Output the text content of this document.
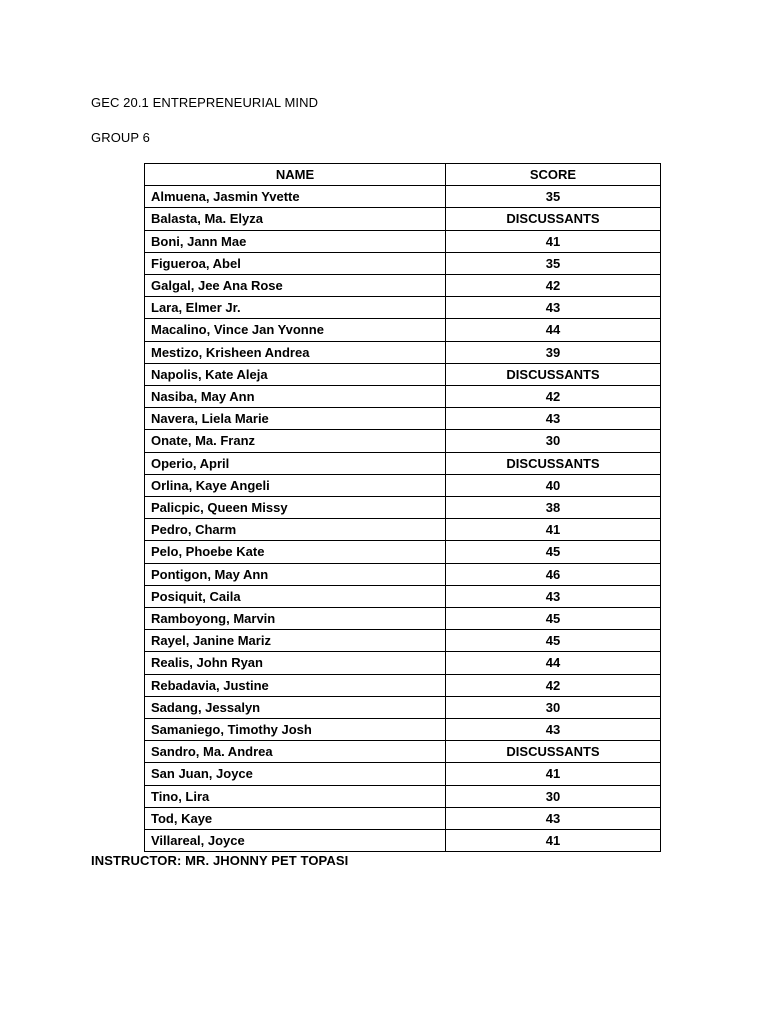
GEC 20.1 ENTREPRENEURIAL MIND
GROUP 6
NAME	SCORE
Almuena, Jasmin Yvette	35
Balasta, Ma. Elyza	DISCUSSANTS
Boni, Jann Mae	41
Figueroa, Abel	35
Galgal, Jee Ana Rose	42
Lara, Elmer Jr.	43
Macalino, Vince Jan Yvonne	44
Mestizo, Krisheen Andrea	39
Napolis, Kate Aleja	DISCUSSANTS
Nasiba, May Ann	42
Navera, Liela Marie	43
Onate, Ma. Franz	30
Operio, April	DISCUSSANTS
Orlina, Kaye Angeli	40
Palicpic, Queen Missy	38
Pedro, Charm	41
Pelo, Phoebe Kate	45
Pontigon, May Ann	46
Posiquit, Caila	43
Ramboyong, Marvin	45
Rayel, Janine Mariz	45
Realis, John Ryan	44
Rebadavia, Justine	42
Sadang, Jessalyn	30
Samaniego, Timothy Josh	43
Sandro, Ma. Andrea	DISCUSSANTS
San Juan, Joyce	41
Tino, Lira	30
Tod, Kaye	43
Villareal, Joyce	41
INSTRUCTOR: MR. JHONNY PET TOPASI
